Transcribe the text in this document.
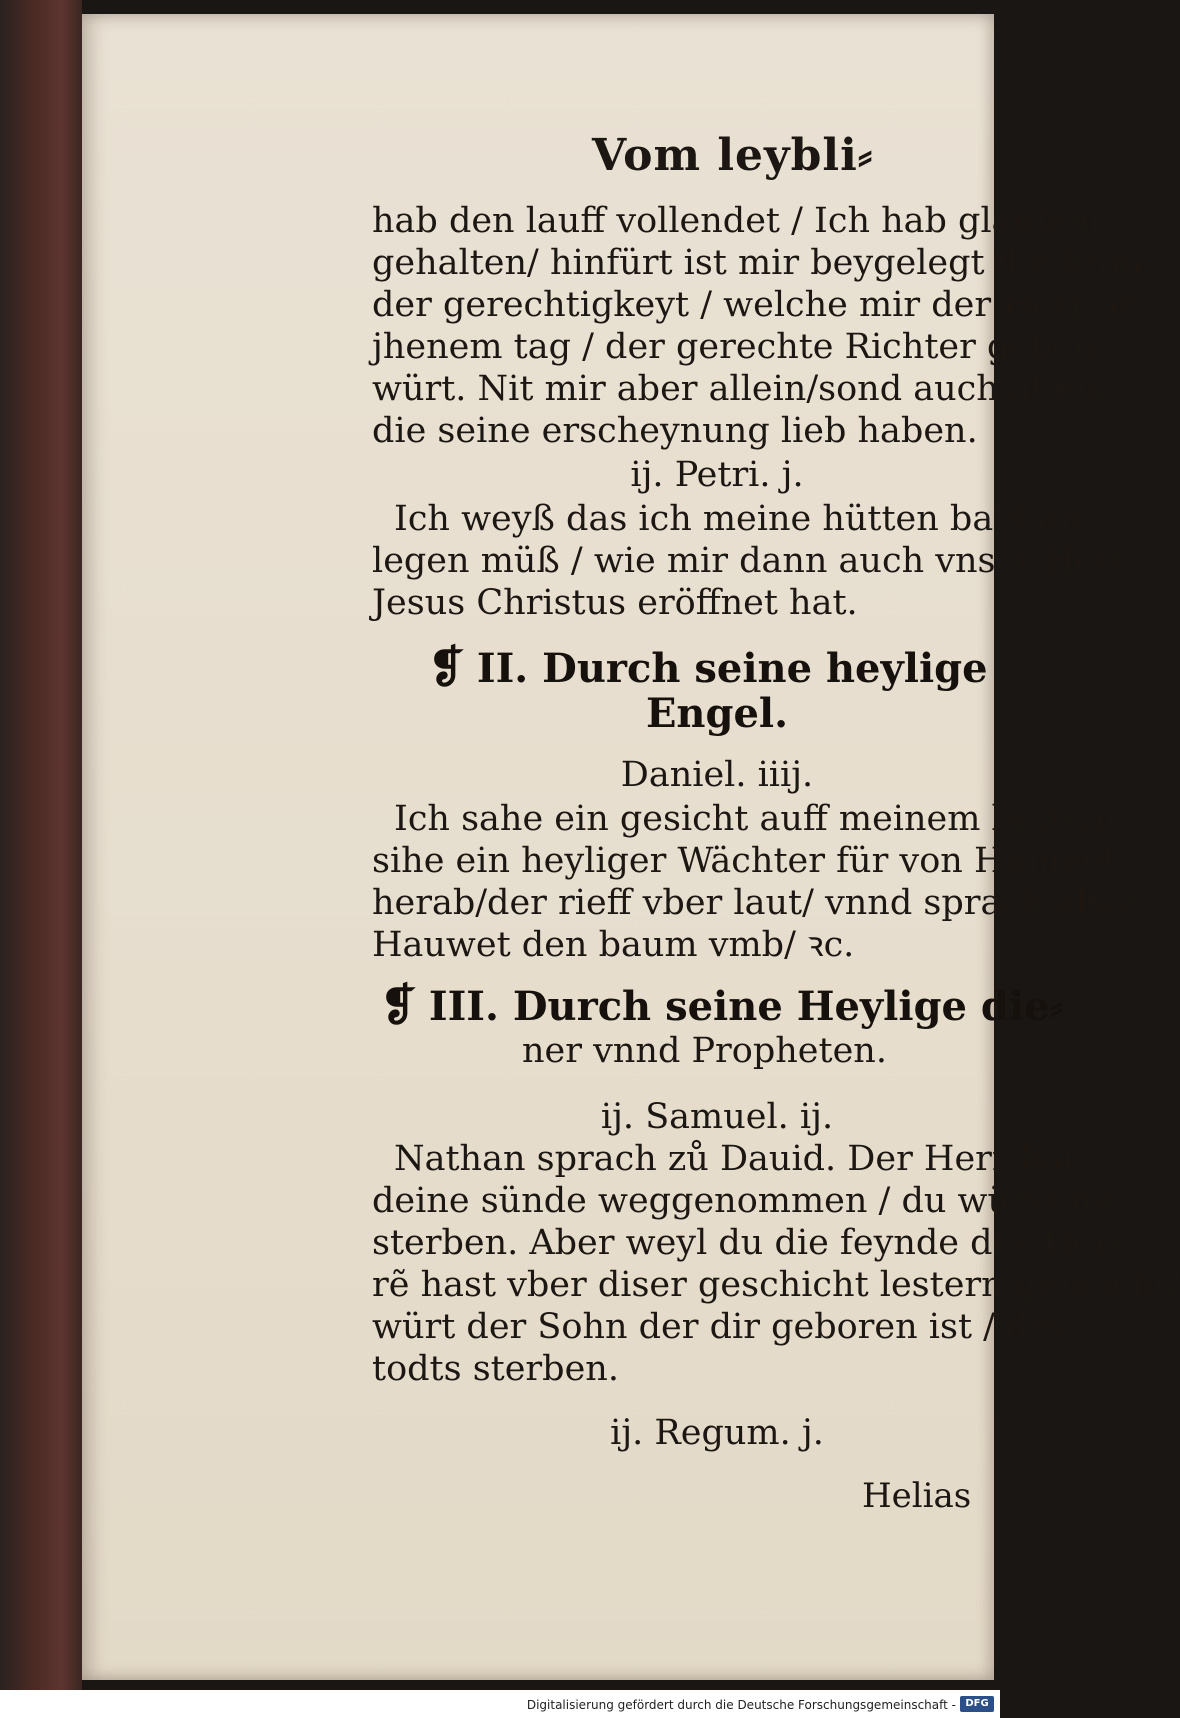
Vom leybli⸗
hab den lauff vollendet / Ich hab glauben
gehalten/ hinfürt ist mir beygelegt die kron
der gerechtigkeyt / welche mir der Herr an
jhenem tag / der gerechte Richter geben
würt. Nit mir aber allein/sond auch allen/
die seine erscheynung lieb haben.
ij. Petri. j.
Ich weyß das ich meine hütten bald ab⸗
legen müß / wie mir dann auch vnser Herr
Jesus Christus eröffnet hat.
❡ II. Durch seine heylige
Engel.
Daniel. iiij.
Ich sahe ein gesicht auff meinem bett/vñ
sihe ein heyliger Wächter für von Himmel
herab/der rieff vber laut/ vnnd sprach also/
Hauwet den baum vmb/ ꝛc.
❡ III. Durch seine Heylige die⸗
ner vnnd Propheten.
ij. Samuel. ij.
Nathan sprach zů Dauid. Der Herr hat
deine sünde weggenommen / du würst nit
sterben. Aber weyl du die feynde des Her⸗
rẽ hast vber diser geschicht lestern gemacht/
würt der Sohn der dir geboren ist / des
todts sterben.
ij. Regum. j.
Helias
Digitalisierung gefördert durch die Deutsche Forschungsgemeinschaft - DFG
